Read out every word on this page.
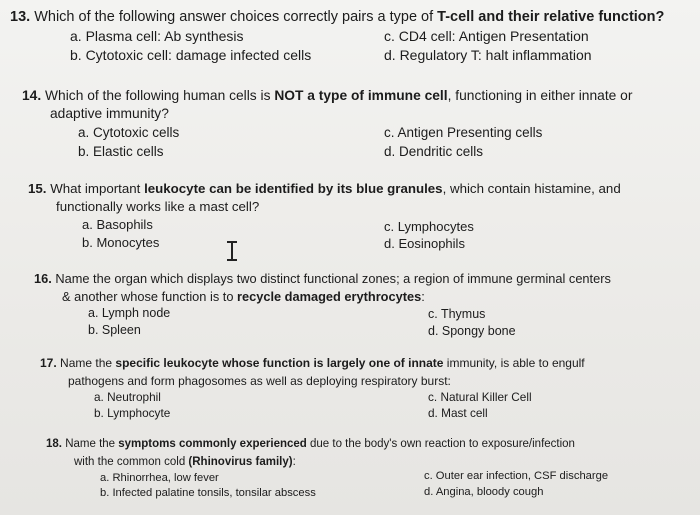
13. Which of the following answer choices correctly pairs a type of T-cell and their relative function?
a. Plasma cell: Ab synthesis
b. Cytotoxic cell: damage infected cells
c. CD4 cell: Antigen Presentation
d. Regulatory T: halt inflammation
14. Which of the following human cells is NOT a type of immune cell, functioning in either innate or
adaptive immunity?
a. Cytotoxic cells
b. Elastic cells
c. Antigen Presenting cells
d. Dendritic cells
15. What important leukocyte can be identified by its blue granules, which contain histamine, and
functionally works like a mast cell?
a. Basophils
b. Monocytes
c. Lymphocytes
d. Eosinophils
16. Name the organ which displays two distinct functional zones; a region of immune germinal centers
& another whose function is to recycle damaged erythrocytes:
a. Lymph node
b. Spleen
c. Thymus
d. Spongy bone
17. Name the specific leukocyte whose function is largely one of innate immunity, is able to engulf
pathogens and form phagosomes as well as deploying respiratory burst:
a. Neutrophil
b. Lymphocyte
c. Natural Killer Cell
d. Mast cell
18. Name the symptoms commonly experienced due to the body's own reaction to exposure/infection
with the common cold (Rhinovirus family):
a. Rhinorrhea, low fever
b. Infected palatine tonsils, tonsilar abscess
c. Outer ear infection, CSF discharge
d. Angina, bloody cough
